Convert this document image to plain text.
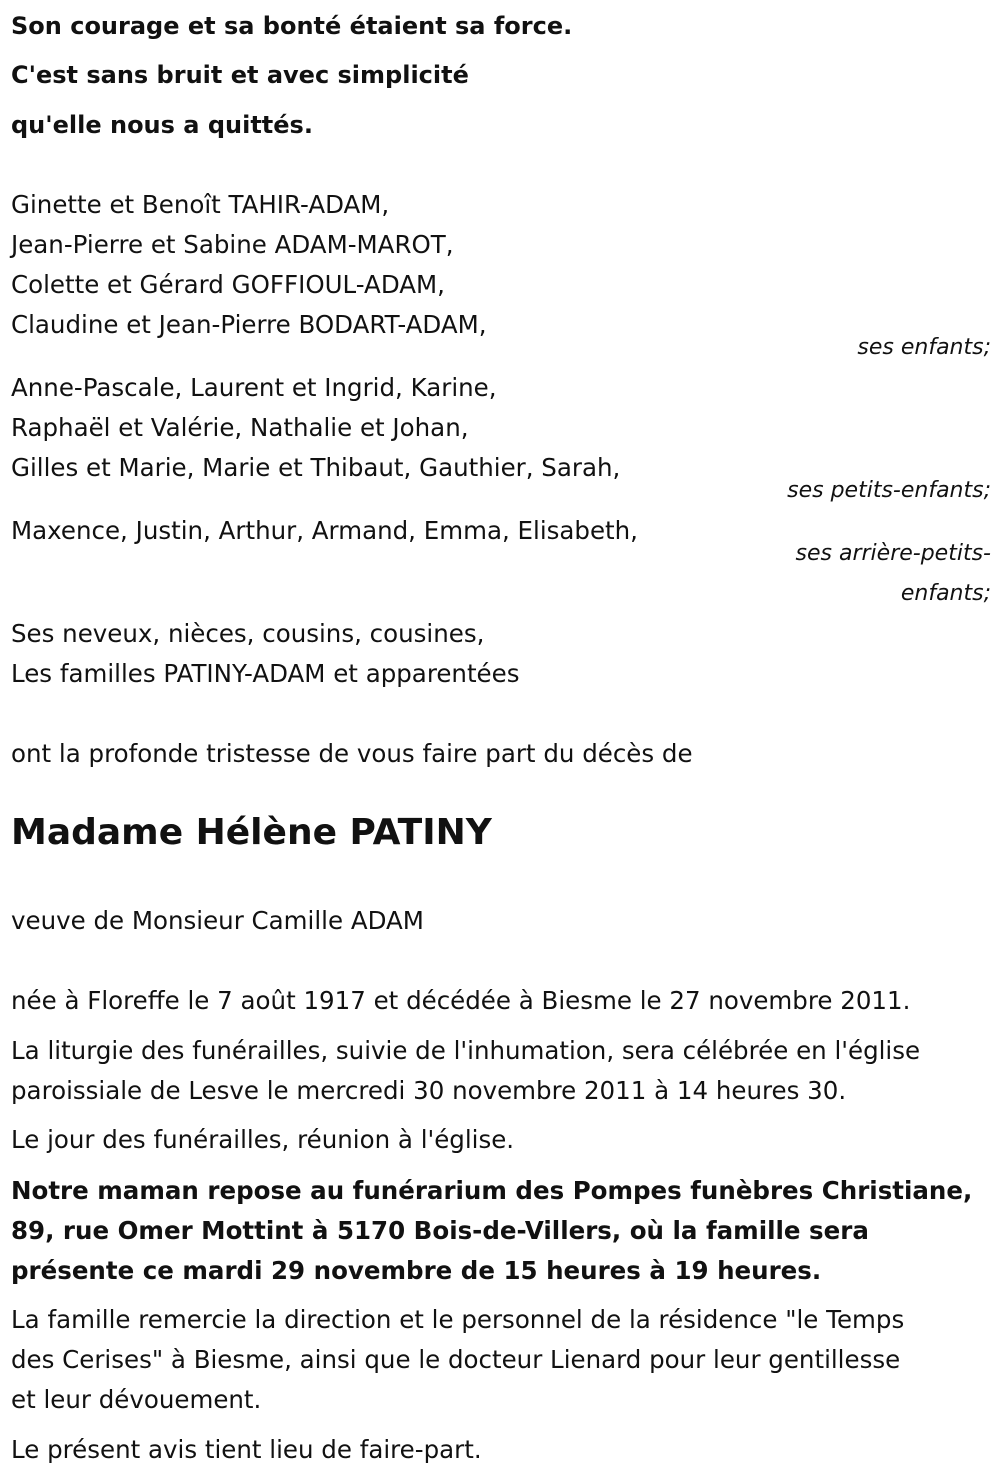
Son courage et sa bonté étaient sa force.
C'est sans bruit et avec simplicité
qu'elle nous a quittés.
Ginette et Benoît TAHIR-ADAM,
Jean-Pierre et Sabine ADAM-MAROT,
Colette et Gérard GOFFIOUL-ADAM,
Claudine et Jean-Pierre BODART-ADAM,
ses enfants;
Anne-Pascale, Laurent et Ingrid, Karine,
Raphaël et Valérie, Nathalie et Johan,
Gilles et Marie, Marie et Thibaut, Gauthier, Sarah,
ses petits-enfants;
Maxence, Justin, Arthur, Armand, Emma, Elisabeth,
ses arrière-petits-
enfants;
Ses neveux, nièces, cousins, cousines,
Les familles PATINY-ADAM et apparentées
ont la profonde tristesse de vous faire part du décès de
Madame Hélène PATINY
veuve de Monsieur Camille ADAM
née à Floreffe le 7 août 1917 et décédée à Biesme le 27 novembre 2011.
La liturgie des funérailles, suivie de l'inhumation, sera célébrée en l'église
paroissiale de Lesve le mercredi 30 novembre 2011 à 14 heures 30.
Le jour des funérailles, réunion à l'église.
Notre maman repose au funérarium des Pompes funèbres Christiane,
89, rue Omer Mottint à 5170 Bois-de-Villers, où la famille sera
présente ce mardi 29 novembre de 15 heures à 19 heures.
La famille remercie la direction et le personnel de la résidence "le Temps
des Cerises" à Biesme, ainsi que le docteur Lienard pour leur gentillesse
et leur dévouement.
Le présent avis tient lieu de faire-part.
